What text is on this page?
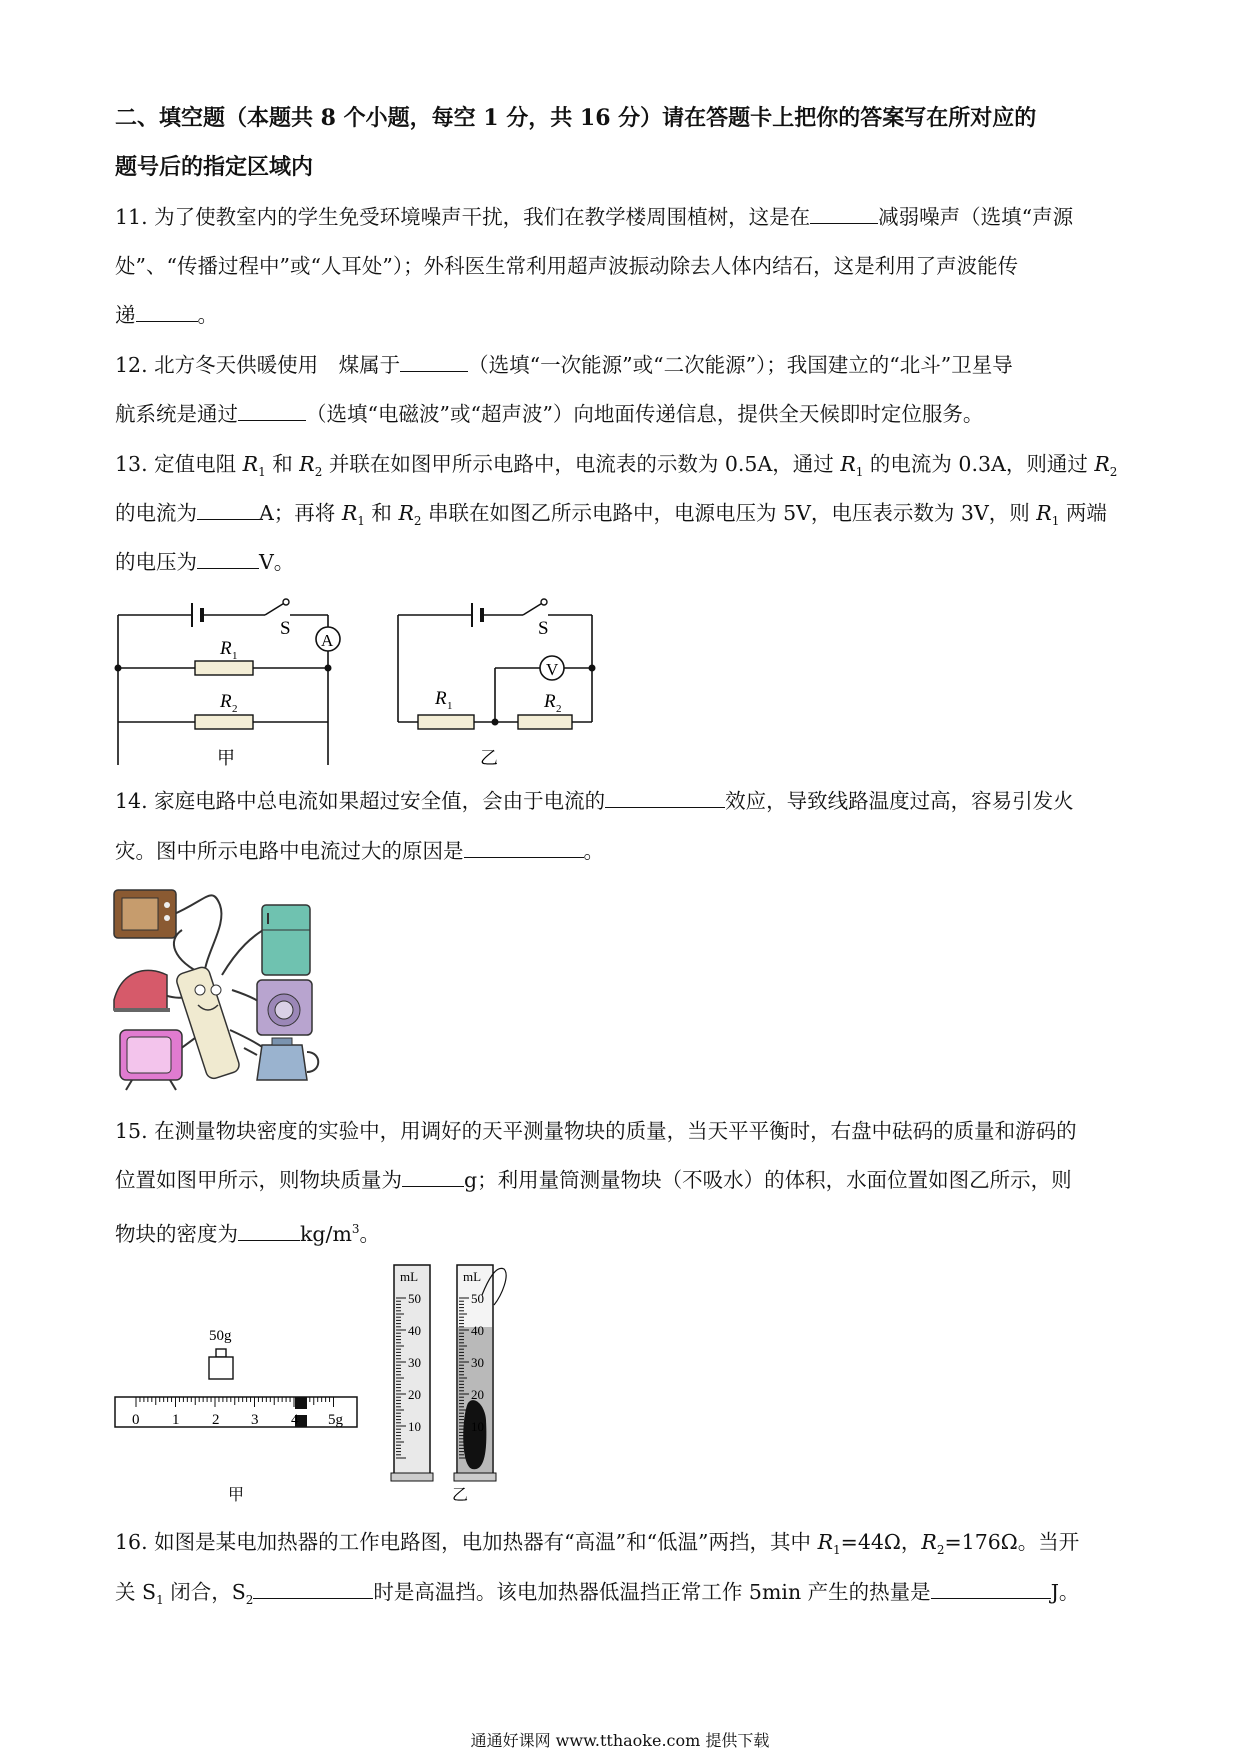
二、填空题（本题共 8 个小题，每空 1 分，共 16 分）请在答题卡上把你的答案写在所对应的
题号后的指定区域内
11. 为了使教室内的学生免受环境噪声干扰，我们在教学楼周围植树，这是在	减弱噪声（选填“声源
处”、“传播过程中”或“人耳处”）；外科医生常利用超声波振动除去人体内结石，这是利用了声波能传
递	。
12. 北方冬天供暖使用　煤属于	（选填“一次能源”或“二次能源”）；我国建立的“北斗”卫星导
航系统是通过	（选填“电磁波”或“超声波”）向地面传递信息，提供全天候即时定位服务。
13. 定值电阻 $R_1$ 和 $R_2$ 并联在如图甲所示电路中，电流表的示数为 0.5A，通过 $R_1$ 的电流为 0.3A，则通过 $R_2$
的电流为	A；再将 $R_1$ 和 $R_2$ 串联在如图乙所示电路中，电源电压为 5V，电压表示数为 3V，则 $R_1$ 两端
的电压为	V。
S	S
A
V
R 1
R 2	R 1	R 2
甲	乙
14. 家庭电路中总电流如果超过安全值，会由于电流的	效应，导致线路温度过高，容易引发火
灾。图中所示电路中电流过大的原因是	。
15. 在测量物块密度的实验中，用调好的天平测量物块的质量，当天平平衡时，右盘中砝码的质量和游码的
位置如图甲所示，则物块质量为	g；利用量筒测量物块（不吸水）的体积，水面位置如图乙所示，则
物块的密度为	$kg/m^3$。
50g
0 1 2 3 4 5g
mL	mL
50
40
30
20
10
50
40
30
20
10
甲	乙
16. 如图是某电加热器的工作电路图，电加热器有“高温”和“低温”两挡，其中 $R_1=44\Omega$，$R_2=176\Omega$。当开
关 $S_1$ 闭合，$S_2$	时是高温挡。该电加热器低温挡正常工作 5min 产生的热量是	J。
通通好课网 www.tthaoke.com 提供下载
